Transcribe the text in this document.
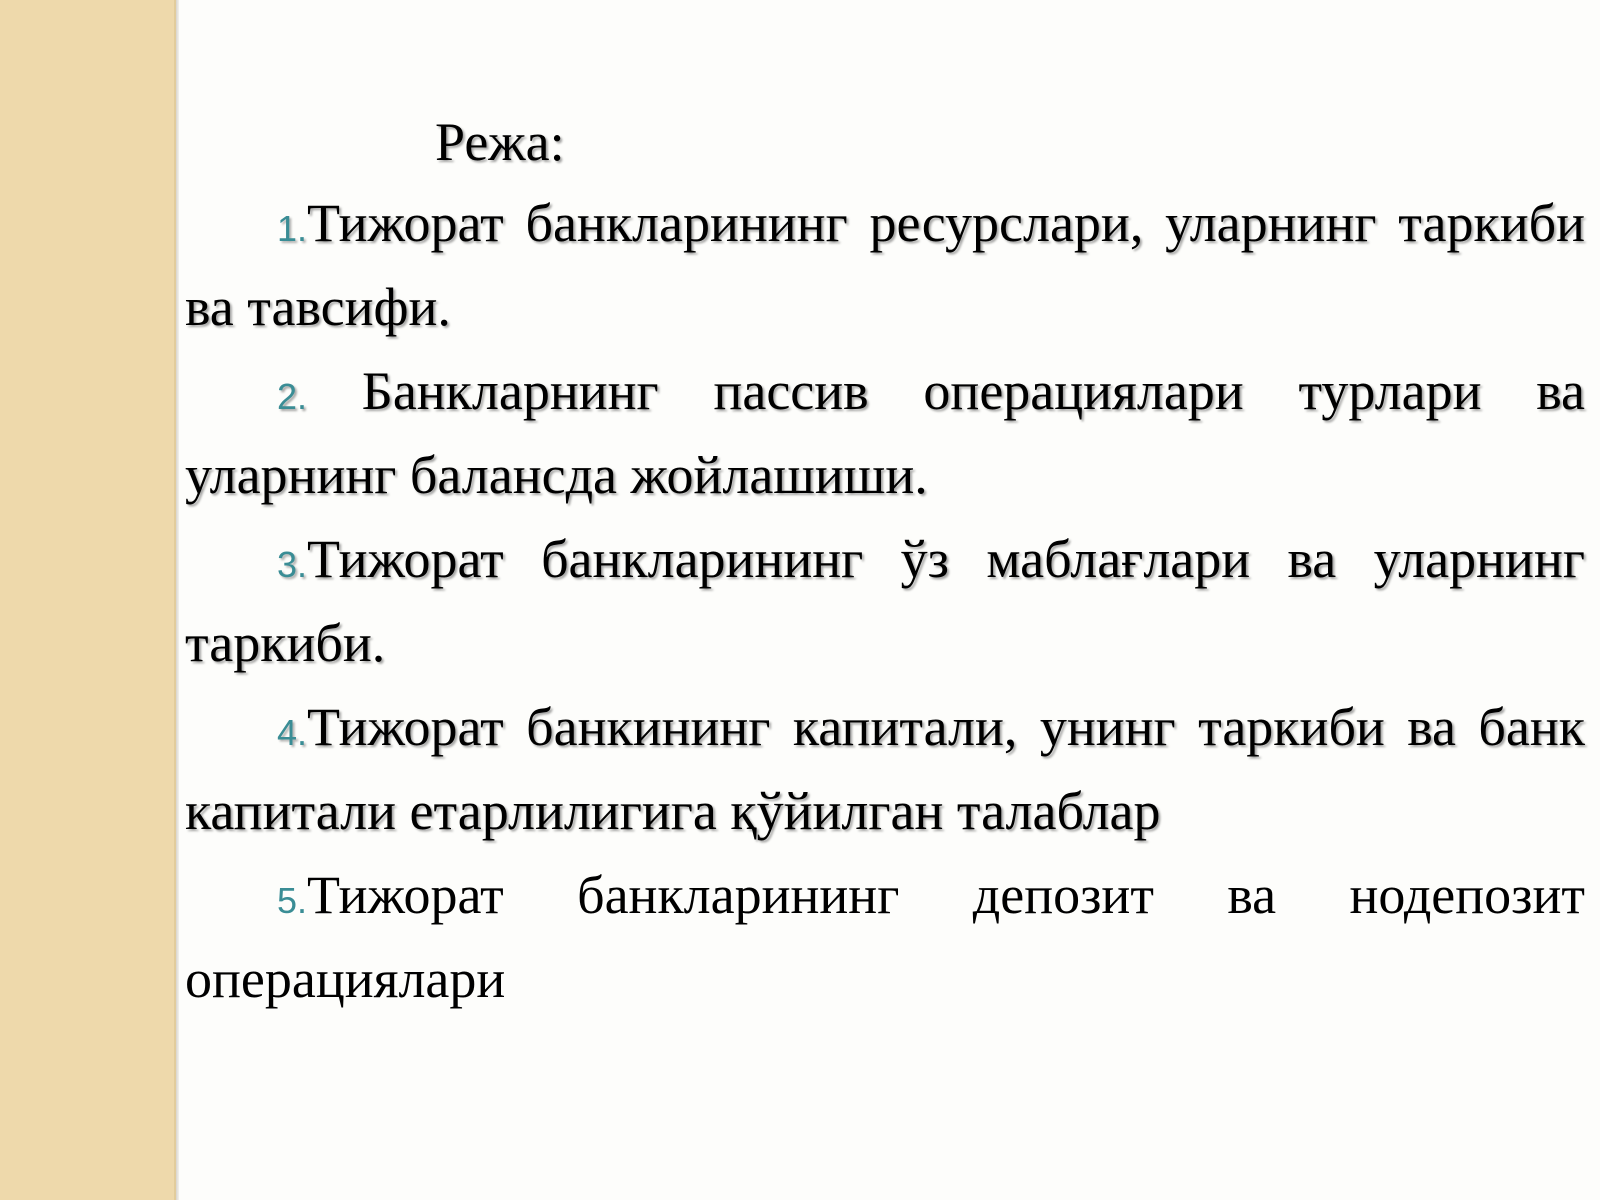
Режа:

1.Тижорат банкларининг ресурслари, уларнинг таркиби ва тавсифи.

2. Банкларнинг пассив операциялари турлари ва уларнинг балансда жойлашиши.

3.Тижорат банкларининг ўз маблағлари ва уларнинг таркиби.

4.Тижорат банкининг капитали, унинг таркиби ва банк капитали етарлилигига қўйилган талаблар

5.Тижорат банкларининг депозит ва нодепозит операциялари
